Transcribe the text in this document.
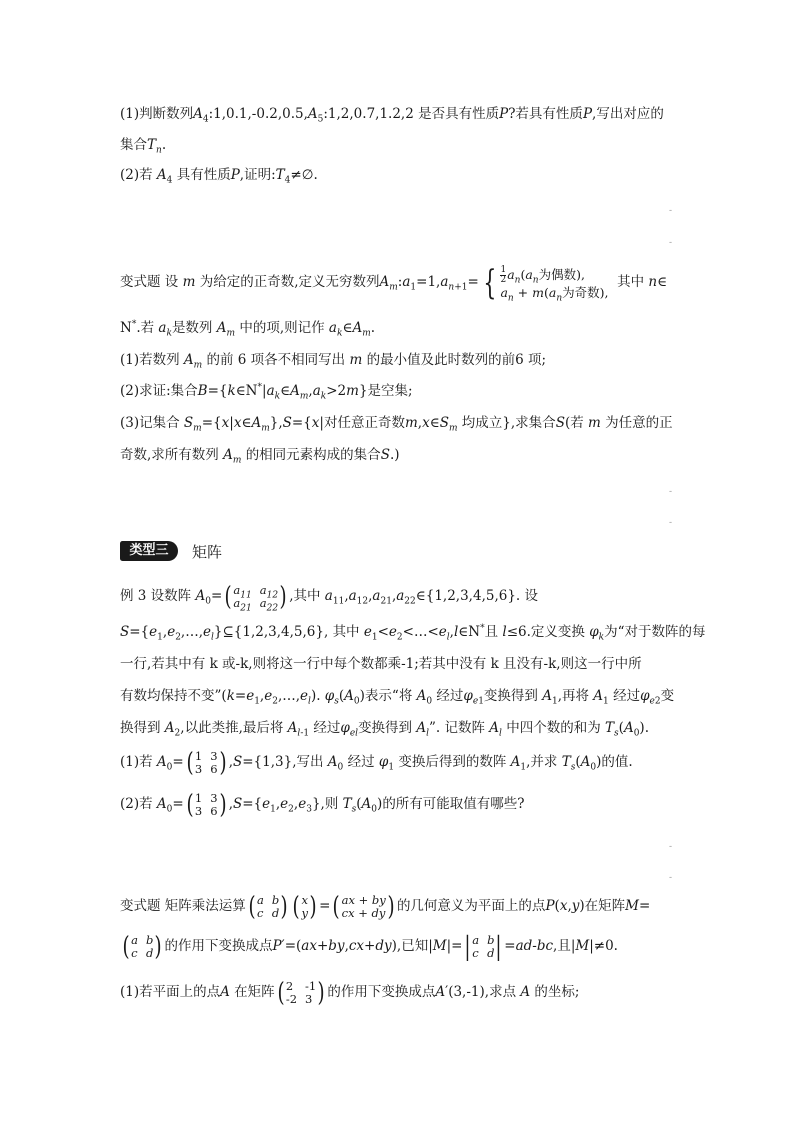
(1)判断数列$A_4:1,0.1,-0.2,0.5,A_5:1,2,0.7,1.2,2$ 是否具有性质P?若具有性质P,写出对应的
集合$T_n$.
(2)若 $A_4$ 具有性质P,证明$:T_4\ne\emptyset$.
-
-
变式题 设 m 为给定的正奇数,定义无穷数列$A_m:a_1=1,a_{n+1}=$ { $\frac{1}{2} a_n(a_n$为偶数),
$a_n + m(a_n$为奇数),
其中 n∈
N*.若 $a_k$是数列 $A_m$ 中的项,则记作 $a_k\in A_m$.
(1)若数列 $A_m$ 的前 6 项各不相同写出 m 的最小值及此时数列的前6 项;
(2)求证:集合$B=\{k\in N^*|a_k\in A_m,a_k>2m\}$是空集;
(3)记集合 $S_m=\{x|x\in A_m\},S=\{x|$对任意正奇数$m,x\in S_m$ 均成立},求集合S(若 m 为任意的正
奇数,求所有数列 $A_m$ 的相同元素构成的集合S.)
-
-
类型三	矩阵
例 3 设数阵 $A_0=$ ( $a_{11}$ $a_{12}$
$a_{21}$ $a_{22}$ ) ,其中 $a_{11},a_{12},a_{21},a_{22}\in\{1,2,3,4,5,6\}$. 设
$S=\{e_1,e_2,\dots,e_l\}⊆\{1,2,3,4,5,6\}$, 其中 $e_1<e_2<\dots<e_l,l\in N^*$且 l≤6.定义变换 $\varphi_k$为“对于数阵的每
一行,若其中有 k 或-k,则将这一行中每个数都乘-1;若其中没有 k 且没有-k,则这一行中所
有数均保持不变$”(k=e_1,e_2,\dots,e_l)$. $\varphi_s(A_0)$表示“将 $A_0$ 经过$\varphi_{e1}$变换得到 $A_1$,再将 $A_1$ 经过$\varphi_{e2}$变
换得到 $A_2$,以此类推,最后将 $A_{l-1}$ 经过$\varphi_{el}$变换得到 $A_l$”. 记数阵 $A_l$ 中四个数的和为 $T_s(A_0)$.
(1)若 $A_0=$ ( 1 3
3 6 ) ,S={1,3},写出 $A_0$ 经过 $\varphi_1$ 变换后得到的数阵 $A_1$,并求 $T_s(A_0)$的值.
(2)若 $A_0=$ ( 1 3
3 6 ) $,S=\{e_1,e_2,e_3\}$,则 $T_s(A_0)$的所有可能取值有哪些?
-
-
变式题 矩阵乘法运算 ( a b
c d ) ( x
y ) = ( ax + by
cx + dy ) 的几何意义为平面上的点P(x,y)在矩阵M=
( a b
c d ) 的作用下变换成点P′=(ax+by,cx+dy),已知|M|= | a b
c d | =ad-bc,且|M|≠0.
(1)若平面上的点A 在矩阵 ( 2	-1
-2 3 ) 的作用下变换成点A′(3,-1),求点 A 的坐标;
